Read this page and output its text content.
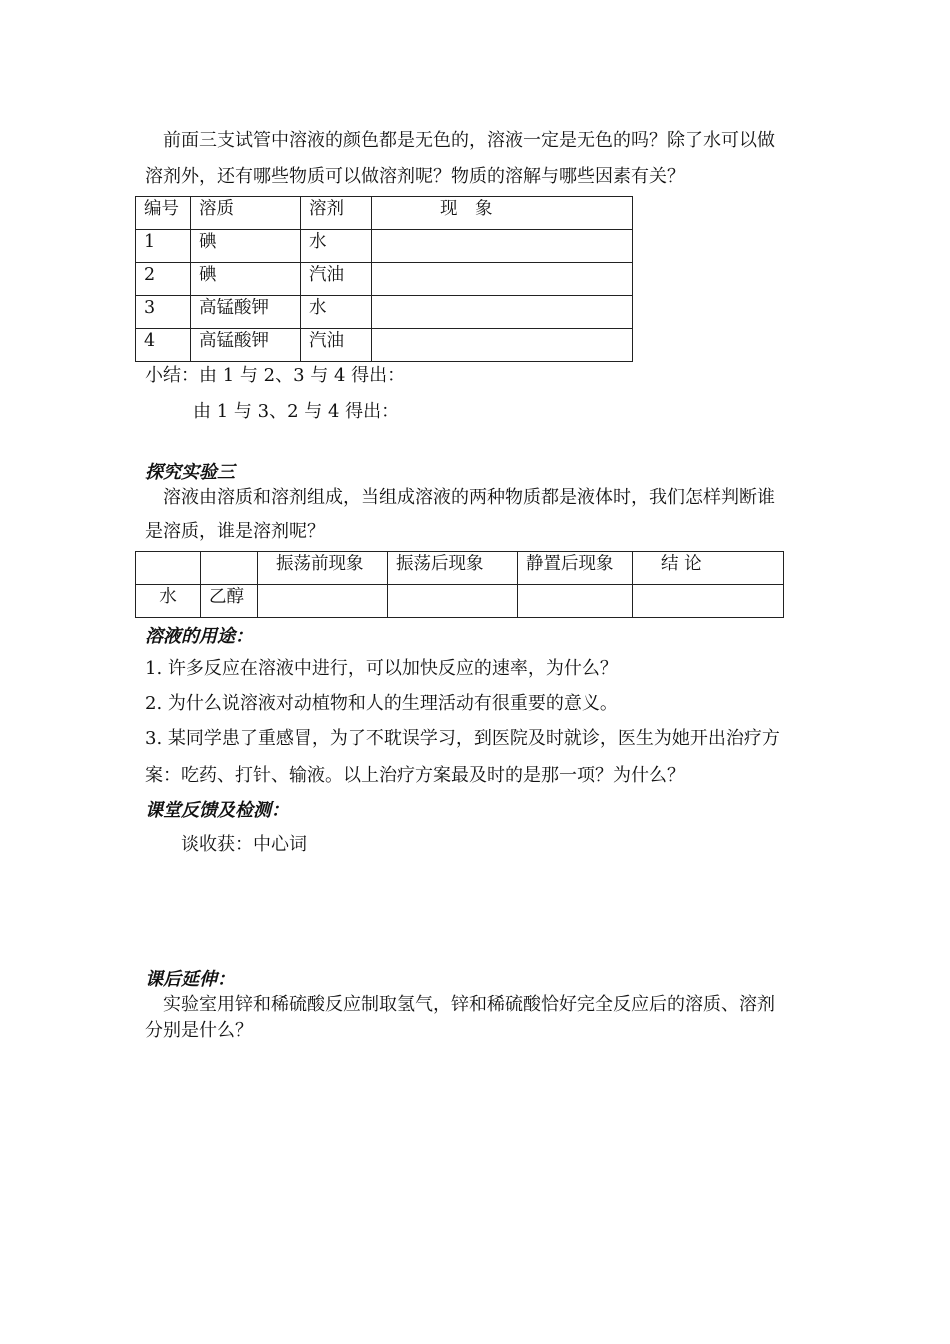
前面三支试管中溶液的颜色都是无色的，溶液一定是无色的吗？除了水可以做
溶剂外，还有哪些物质可以做溶剂呢？物质的溶解与哪些因素有关？
编号	溶质	溶剂	现　象
1	碘	水	
2	碘	汽油	
3	高锰酸钾	水	
4	高锰酸钾	汽油	
小结：由 1 与 2、3 与 4 得出：
由 1 与 3、2 与 4 得出：
探究实验三
溶液由溶质和溶剂组成，当组成溶液的两种物质都是液体时，我们怎样判断谁
是溶质，谁是溶剂呢？
		振荡前现象	振荡后现象	静置后现象	结 论
水	乙醇				
溶液的用途：
1. 许多反应在溶液中进行，可以加快反应的速率，为什么？
2. 为什么说溶液对动植物和人的生理活动有很重要的意义。
3. 某同学患了重感冒，为了不耽误学习，到医院及时就诊，医生为她开出治疗方
案：吃药、打针、输液。以上治疗方案最及时的是那一项？为什么？
课堂反馈及检测：
谈收获：中心词
课后延伸：
实验室用锌和稀硫酸反应制取氢气，锌和稀硫酸恰好完全反应后的溶质、溶剂
分别是什么？
